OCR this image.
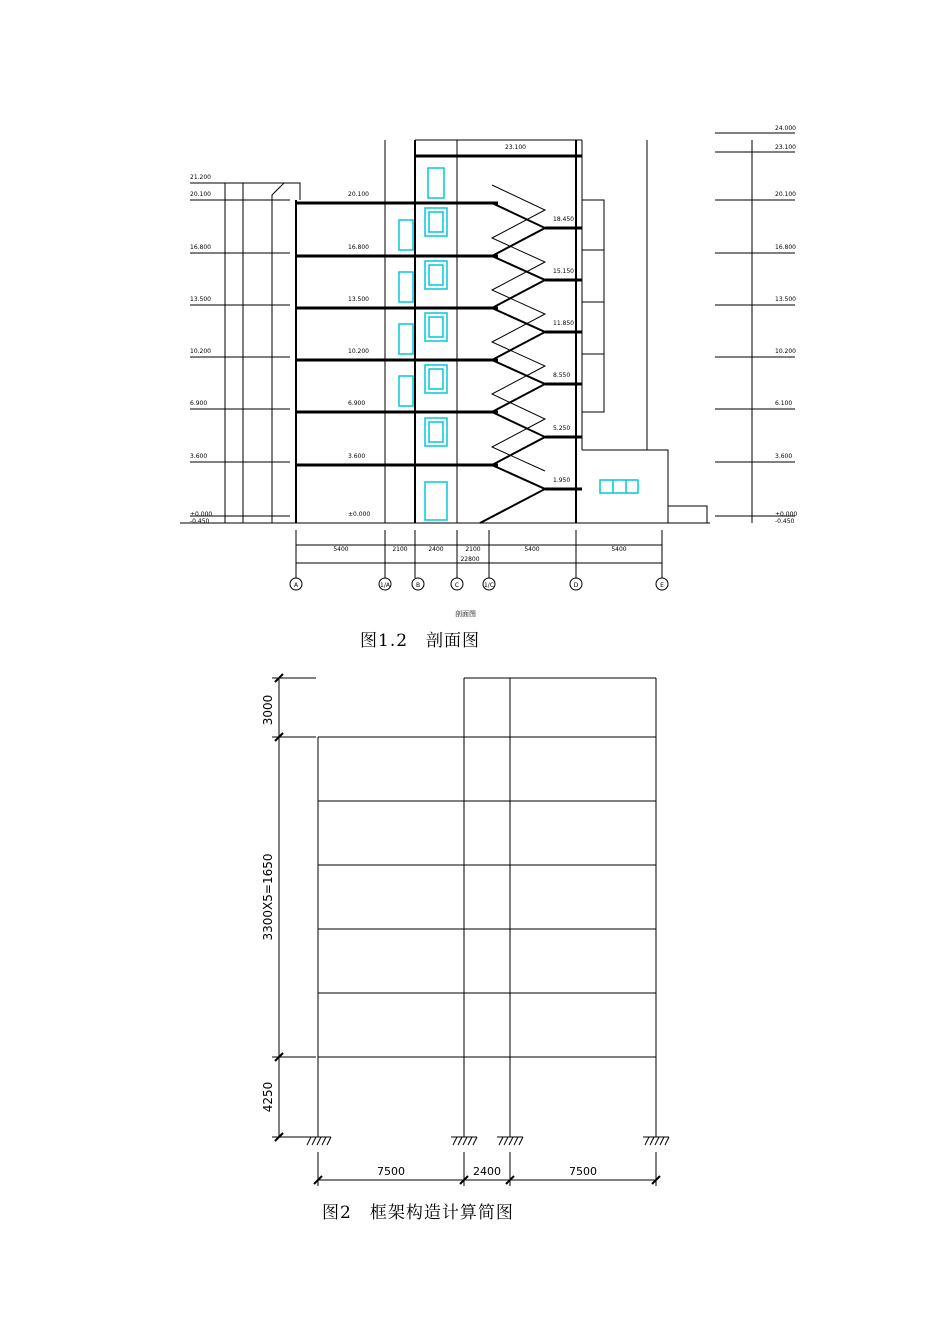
21.200
20.100
16.800
13.500
10.200
6.900
3.600
±0.000
-0.450
24.000
23.100
20.100
16.800
13.500
10.200
6.100
3.600
±0.000
-0.450
23.100
20.100
16.800
13.500
10.200
6.900
3.600
±0.000
18.450
15.150
11.850
8.550
5.250
1.950
5400	2100	2400	2100	5400	5400
22800
A	1/A	B	C	1/C	D	E
剖面图
图1.2　剖面图
3000
3300X5=1650
4250
7500	2400	7500
图2　框架构造计算简图
